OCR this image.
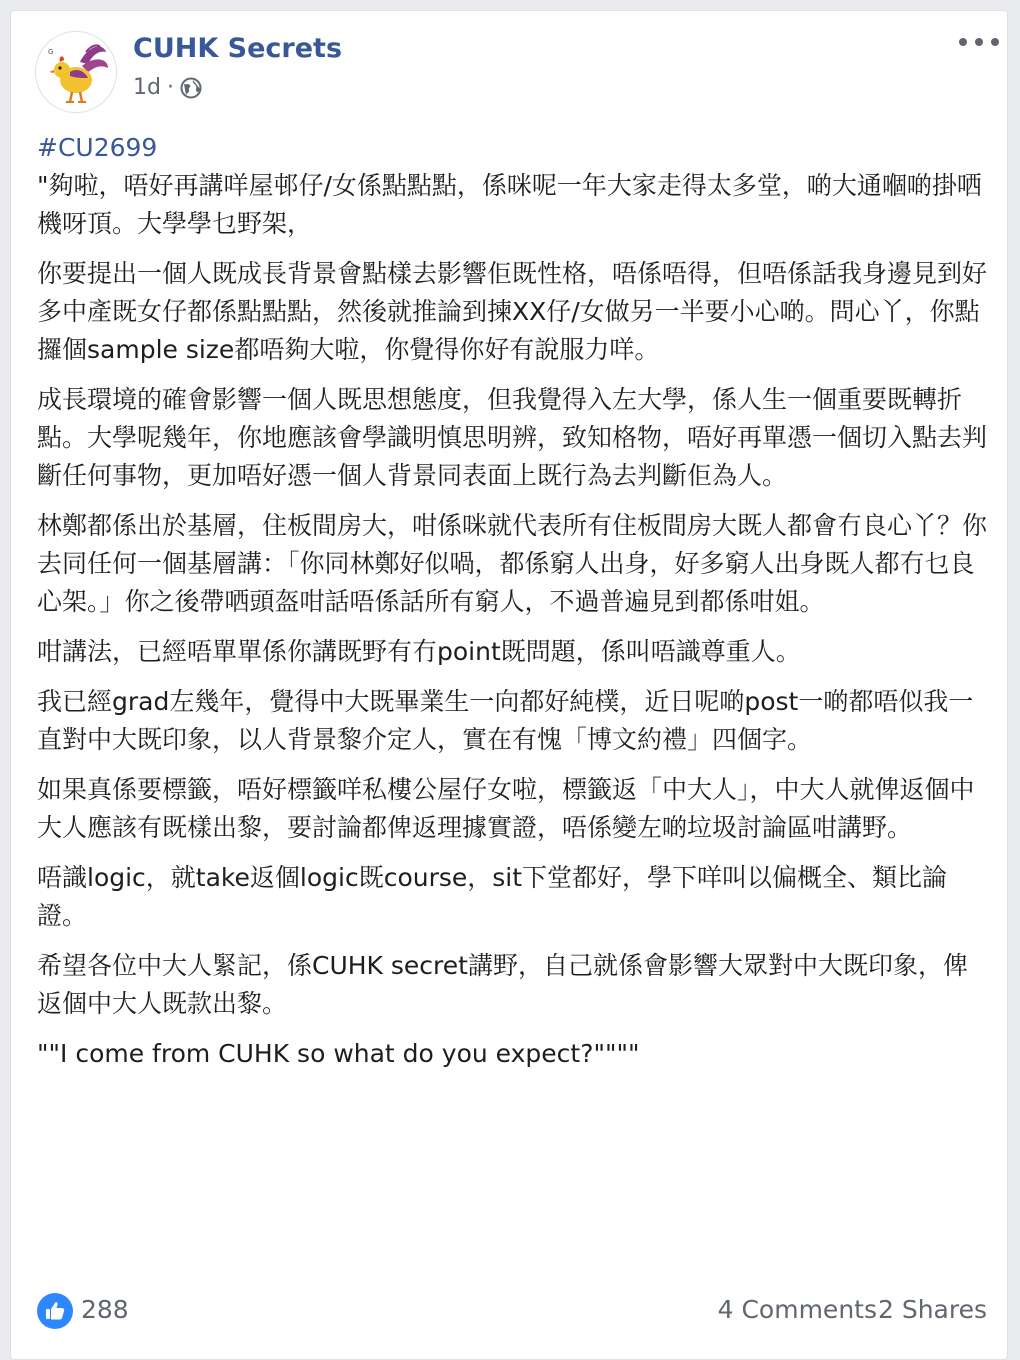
G	CUHK Secrets
1d ·
#CU2699

"夠啦，唔好再講咩屋邨仔/女係點點點，係咪呢一年大家走得太多堂，啲大通嗰啲掛哂機呀頂。大學學乜野架，

你要提出一個人既成長背景會點樣去影響佢既性格，唔係唔得，但唔係話我身邊見到好多中產既女仔都係點點點，然後就推論到揀XX仔/女做另一半要小心啲。問心丫，你點攞個sample size都唔夠大啦，你覺得你好有說服力咩。

成長環境的確會影響一個人既思想態度，但我覺得入左大學，係人生一個重要既轉折點。大學呢幾年，你地應該會學識明慎思明辨，致知格物，唔好再單憑一個切入點去判斷任何事物，更加唔好憑一個人背景同表面上既行為去判斷佢為人。

林鄭都係出於基層，住板間房大，咁係咪就代表所有住板間房大既人都會冇良心丫？你去同任何一個基層講：「你同林鄭好似喎，都係窮人出身，好多窮人出身既人都冇乜良心架。」你之後帶哂頭盔咁話唔係話所有窮人，不過普遍見到都係咁姐。

咁講法，已經唔單單係你講既野有冇point既問題，係叫唔識尊重人。

我已經grad左幾年，覺得中大既畢業生一向都好純樸，近日呢啲post一啲都唔似我一直對中大既印象，以人背景黎介定人，實在有愧「博文約禮」四個字。

如果真係要標籤，唔好標籤咩私樓公屋仔女啦，標籤返「中大人」，中大人就俾返個中大人應該有既樣出黎，要討論都俾返理據實證，唔係變左啲垃圾討論區咁講野。

唔識logic，就take返個logic既course，sit下堂都好，學下咩叫以偏概全、類比論證。

希望各位中大人緊記，係CUHK secret講野，自己就係會影響大眾對中大既印象，俾返個中大人既款出黎。

""I come from CUHK so what do you expect?""""

288	4 Comments 2 Shares
